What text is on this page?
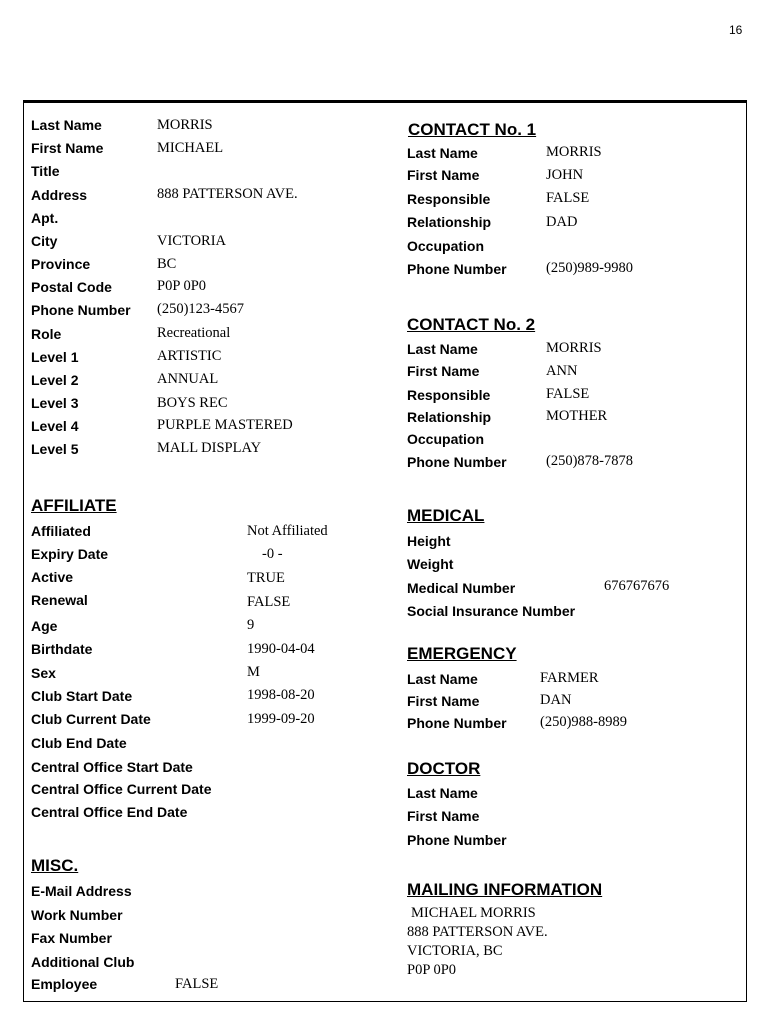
16
Last Name
First Name
Title
Address
Apt.
City
Province
Postal Code
Phone Number
Role
Level 1
Level 2
Level 3
Level 4
Level 5
MORRIS
MICHAEL
888 PATTERSON AVE.
VICTORIA
BC
P0P 0P0
(250)123-4567
Recreational
ARTISTIC
ANNUAL
BOYS REC
PURPLE MASTERED
MALL DISPLAY
AFFILIATE
Affiliated
Expiry Date
Active
Renewal
Age
Birthdate
Sex
Club Start Date
Club Current Date
Club End Date
Central Office Start Date
Central Office Current Date
Central Office End Date
Not Affiliated
-0 -
TRUE
FALSE
9
1990-04-04
M
1998-08-20
1999-09-20
MISC.
E-Mail Address
Work Number
Fax Number
Additional Club
Employee	FALSE
CONTACT No. 1
Last Name
First Name
Responsible
Relationship
Occupation
Phone Number
MORRIS
JOHN
FALSE
DAD
(250)989-9980
CONTACT No. 2
Last Name
First Name
Responsible
Relationship
Occupation
Phone Number
MORRIS
ANN
FALSE
MOTHER
(250)878-7878
MEDICAL
Height
Weight
Medical Number
Social Insurance Number
676767676
EMERGENCY
Last Name
First Name
Phone Number
FARMER
DAN
(250)988-8989
DOCTOR
Last Name
First Name
Phone Number
MAILING INFORMATION
MICHAEL MORRIS
888 PATTERSON AVE.
VICTORIA, BC
P0P 0P0
